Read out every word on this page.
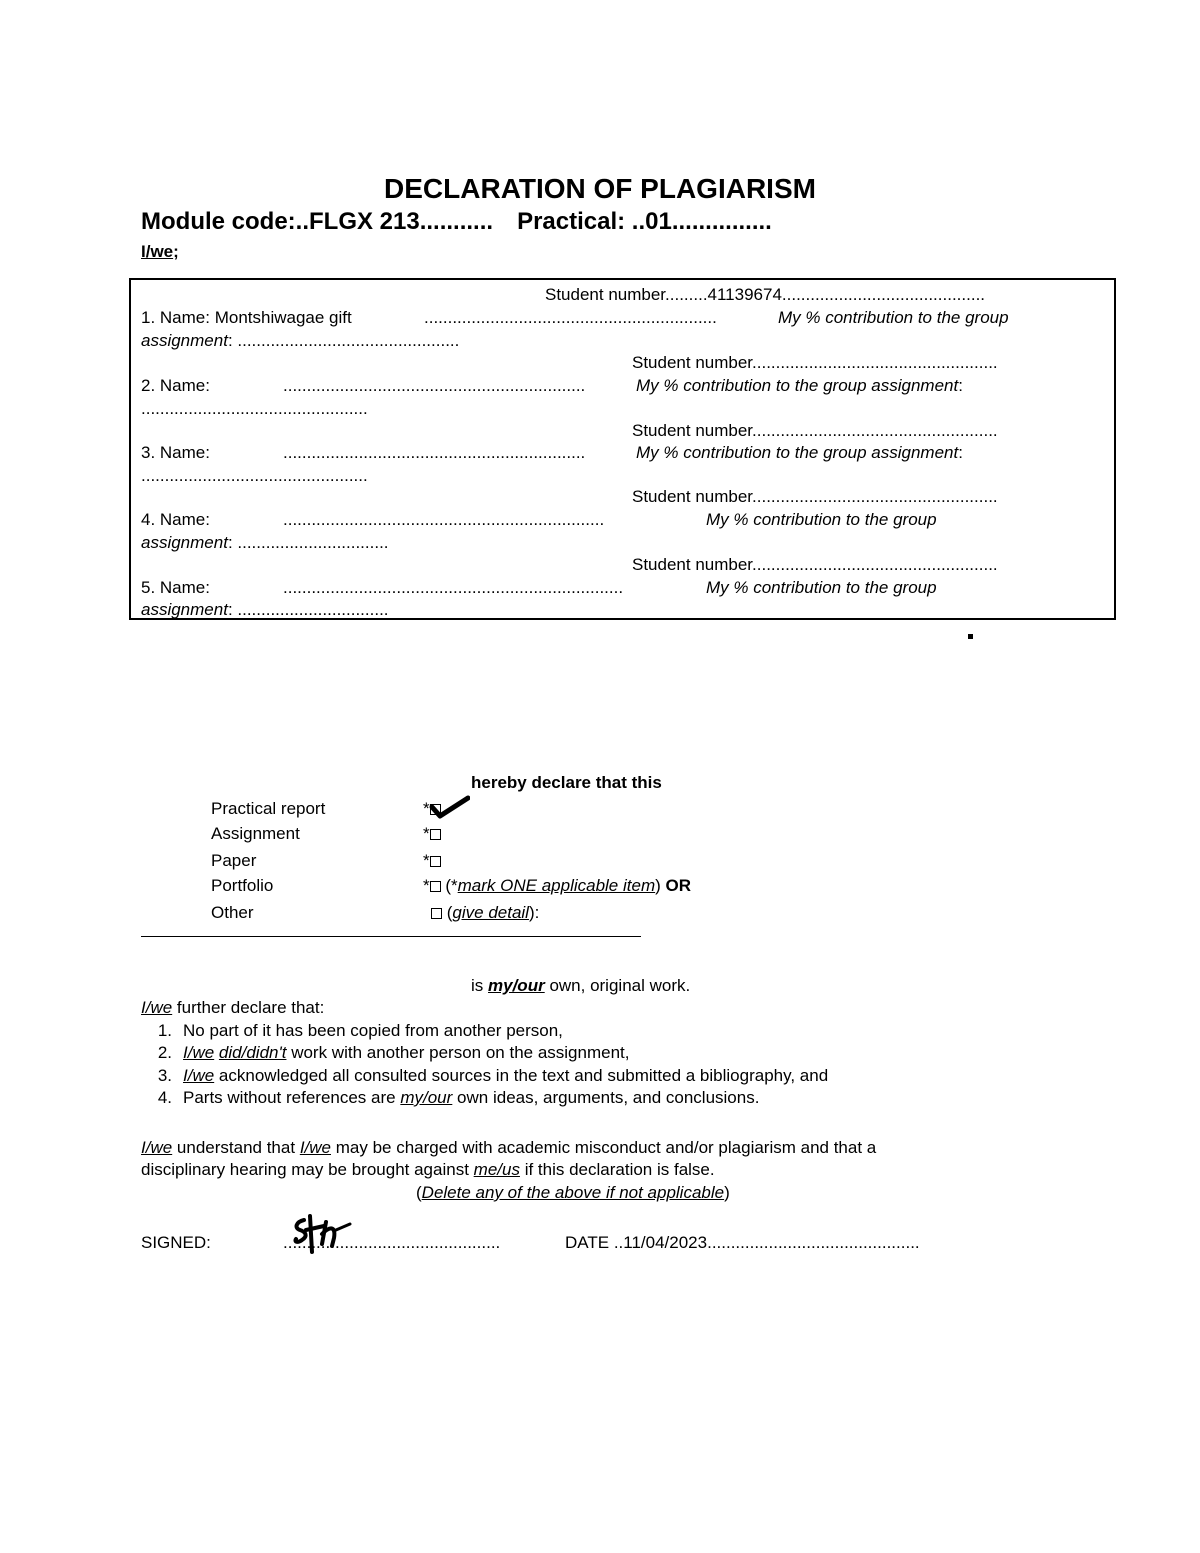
DECLARATION OF PLAGIARISM
Module code:..FLGX 213........... Practical: ..01...............
I/we;
Student number.........41139674...........................................
1. Name: Montshiwagae gift	..............................................................	My % contribution to the group
assignment: ...............................................
Student number....................................................
2. Name:	................................................................	My % contribution to the group assignment:
................................................
Student number....................................................
3. Name:	................................................................	My % contribution to the group assignment:
................................................
Student number....................................................
4. Name:	....................................................................	My % contribution to the group
assignment: ................................
Student number....................................................
5. Name:	........................................................................	My % contribution to the group
assignment: ................................
hereby declare that this
Practical report	*
Assignment	*
Paper	*
Portfolio	* (*mark ONE applicable item) OR
Other	(give detail):
is my/our own, original work.
I/we further declare that:
1. No part of it has been copied from another person,
2. I/we did/didn't work with another person on the assignment,
3. I/we acknowledged all consulted sources in the text and submitted a bibliography, and
4. Parts without references are my/our own ideas, arguments, and conclusions.
I/we understand that I/we may be charged with academic misconduct and/or plagiarism and that a
disciplinary hearing may be brought against me/us if this declaration is false.
(Delete any of the above if not applicable)
SIGNED:	..............................................	DATE ..11/04/2023.............................................
